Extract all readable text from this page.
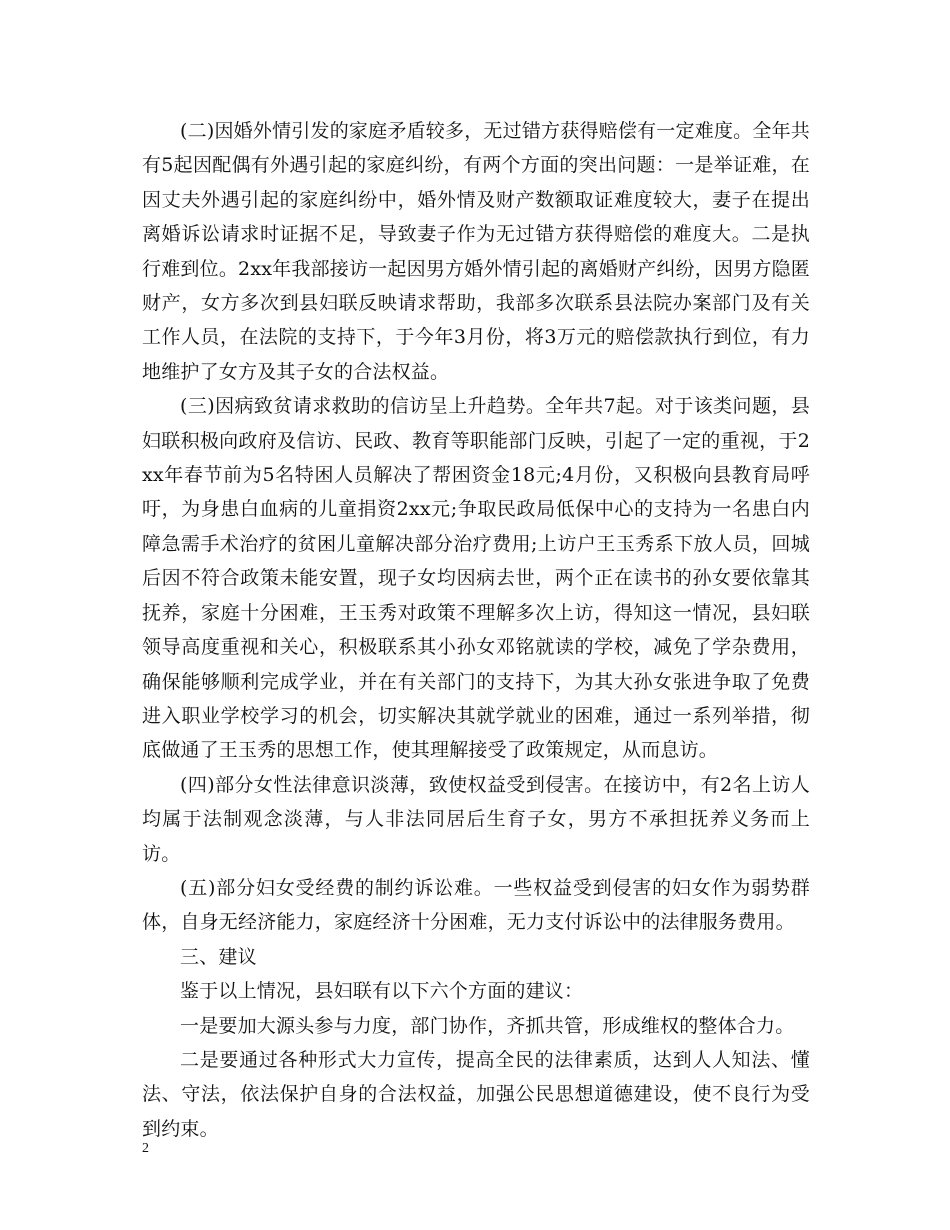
(二)因婚外情引发的家庭矛盾较多，无过错方获得赔偿有一定难度。全年共有5起因配偶有外遇引起的家庭纠纷，有两个方面的突出问题：一是举证难，在因丈夫外遇引起的家庭纠纷中，婚外情及财产数额取证难度较大，妻子在提出离婚诉讼请求时证据不足，导致妻子作为无过错方获得赔偿的难度大。二是执行难到位。2xx年我部接访一起因男方婚外情引起的离婚财产纠纷，因男方隐匿财产，女方多次到县妇联反映请求帮助，我部多次联系县法院办案部门及有关工作人员，在法院的支持下，于今年3月份，将3万元的赔偿款执行到位，有力地维护了女方及其子女的合法权益。

(三)因病致贫请求救助的信访呈上升趋势。全年共7起。对于该类问题，县妇联积极向政府及信访、民政、教育等职能部门反映，引起了一定的重视，于2xx年春节前为5名特困人员解决了帮困资金18元;4月份，又积极向县教育局呼吁，为身患白血病的儿童捐资2xx元;争取民政局低保中心的支持为一名患白内障急需手术治疗的贫困儿童解决部分治疗费用;上访户王玉秀系下放人员，回城后因不符合政策未能安置，现子女均因病去世，两个正在读书的孙女要依靠其抚养，家庭十分困难，王玉秀对政策不理解多次上访，得知这一情况，县妇联领导高度重视和关心，积极联系其小孙女邓铭就读的学校，减免了学杂费用，确保能够顺利完成学业，并在有关部门的支持下，为其大孙女张进争取了免费进入职业学校学习的机会，切实解决其就学就业的困难，通过一系列举措，彻底做通了王玉秀的思想工作，使其理解接受了政策规定，从而息访。

(四)部分女性法律意识淡薄，致使权益受到侵害。在接访中，有2名上访人均属于法制观念淡薄，与人非法同居后生育子女，男方不承担抚养义务而上访。

(五)部分妇女受经费的制约诉讼难。一些权益受到侵害的妇女作为弱势群体，自身无经济能力，家庭经济十分困难，无力支付诉讼中的法律服务费用。

三、建议

鉴于以上情况，县妇联有以下六个方面的建议：

一是要加大源头参与力度，部门协作，齐抓共管，形成维权的整体合力。

二是要通过各种形式大力宣传，提高全民的法律素质，达到人人知法、懂法、守法，依法保护自身的合法权益，加强公民思想道德建设，使不良行为受到约束。

2
